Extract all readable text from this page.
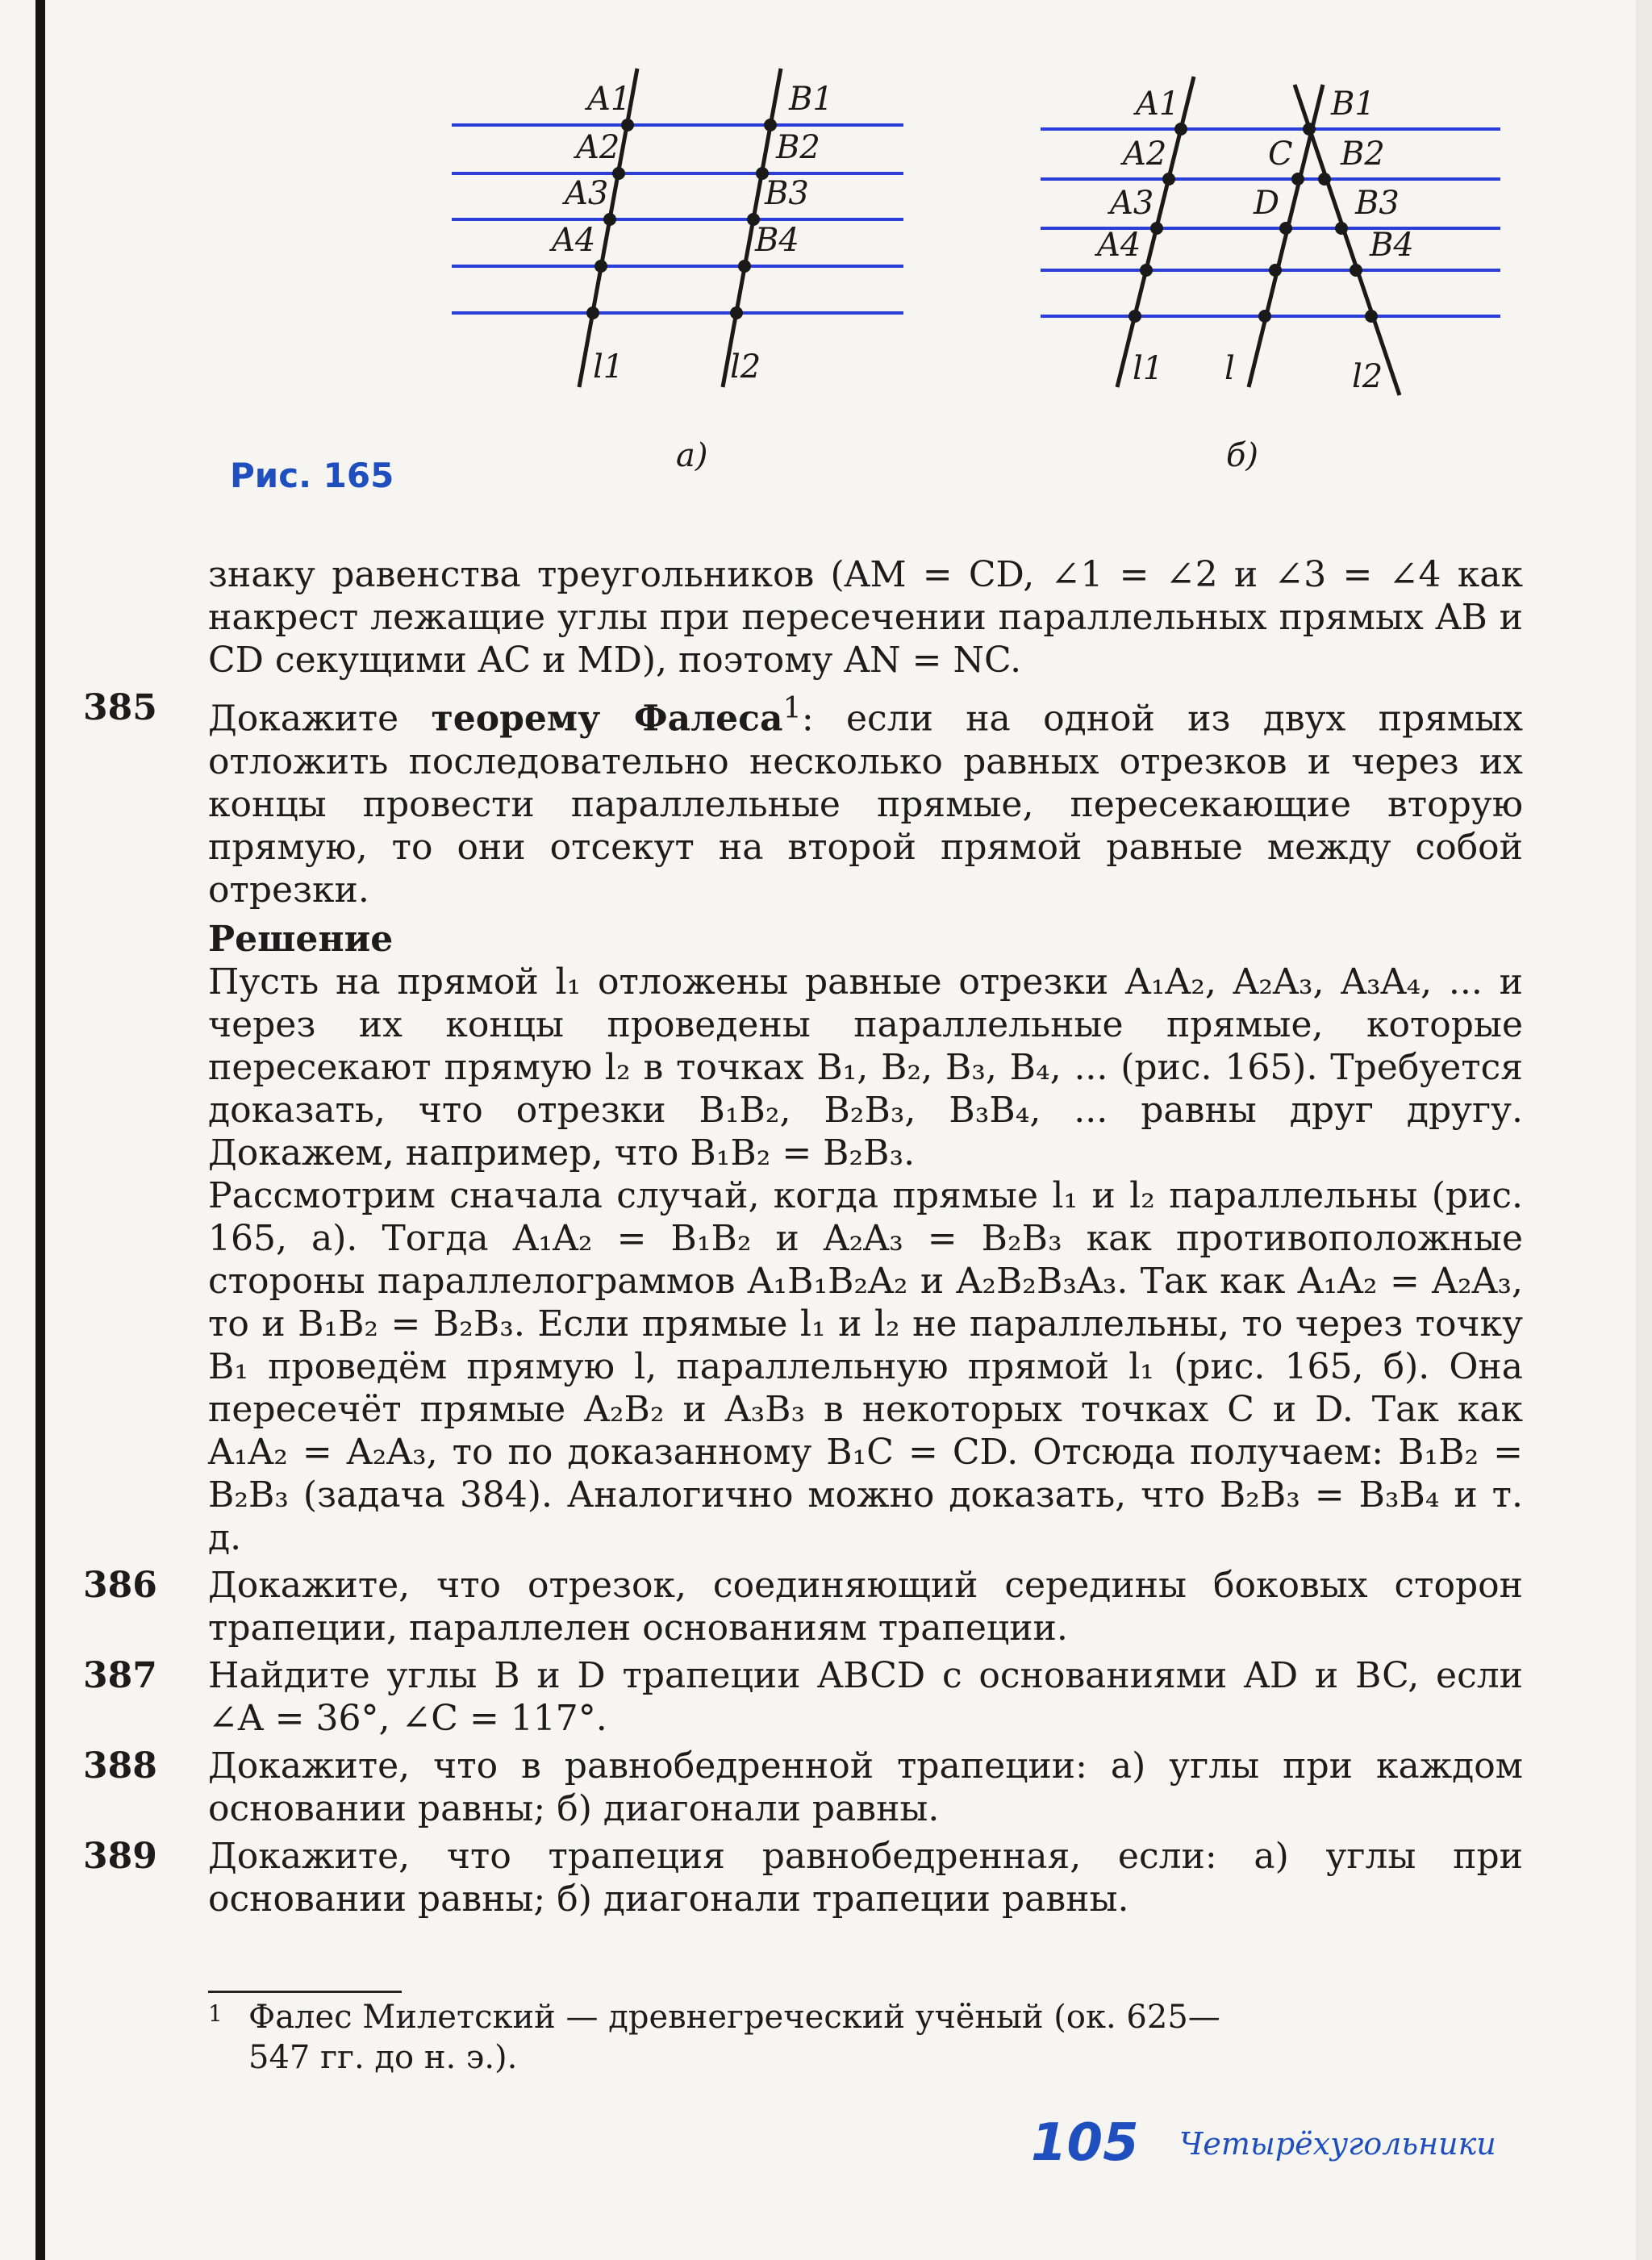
A1
A2
A3
A4
B1
B2
B3
B4
l1	l2
а)
A1
A2
A3
A4
C
D
B1
B2
B3
B4
l1 l	l2
б)
Рис. 165

знаку равенства треугольников (AM = CD, ∠1 = ∠2 и ∠3 = ∠4 как накрест лежащие углы при пересечении параллельных прямых AB и CD секущими AC и MD), поэтому AN = NC.

385 Докажите теорему Фалеса$^1$: если на одной из двух прямых отложить последовательно несколько равных отрезков и через их концы провести параллельные прямые, пересекающие вторую прямую, то они отсекут на второй прямой равные между собой отрезки.

Решение

Пусть на прямой l₁ отложены равные отрезки A₁A₂, A₂A₃, A₃A₄, ... и через их концы проведены параллельные прямые, которые пересекают прямую l₂ в точках B₁, B₂, B₃, B₄, ... (рис. 165). Требуется доказать, что отрезки B₁B₂, B₂B₃, B₃B₄, ... равны друг другу. Докажем, например, что B₁B₂ = B₂B₃.

Рассмотрим сначала случай, когда прямые l₁ и l₂ параллельны (рис. 165, а). Тогда A₁A₂ = B₁B₂ и A₂A₃ = B₂B₃ как противоположные стороны параллелограммов A₁B₁B₂A₂ и A₂B₂B₃A₃. Так как A₁A₂ = A₂A₃, то и B₁B₂ = B₂B₃. Если прямые l₁ и l₂ не параллельны, то через точку B₁ проведём прямую l, параллельную прямой l₁ (рис. 165, б). Она пересечёт прямые A₂B₂ и A₃B₃ в некоторых точках C и D. Так как A₁A₂ = A₂A₃, то по доказанному B₁C = CD. Отсюда получаем: B₁B₂ = B₂B₃ (задача 384). Аналогично можно доказать, что B₂B₃ = B₃B₄ и т. д.

386 Докажите, что отрезок, соединяющий середины боковых сторон трапеции, параллелен основаниям трапеции.

387 Найдите углы B и D трапеции ABCD с основаниями AD и BC, если ∠A = 36°, ∠C = 117°.

388 Докажите, что в равнобедренной трапеции: а) углы при каждом основании равны; б) диагонали равны.

389 Докажите, что трапеция равнобедренная, если: а) углы при основании равны; б) диагонали трапеции равны.

1 Фалес Милетский — древнегреческий учёный (ок. 625—547 гг. до н. э.).
105 Четырёхугольники
